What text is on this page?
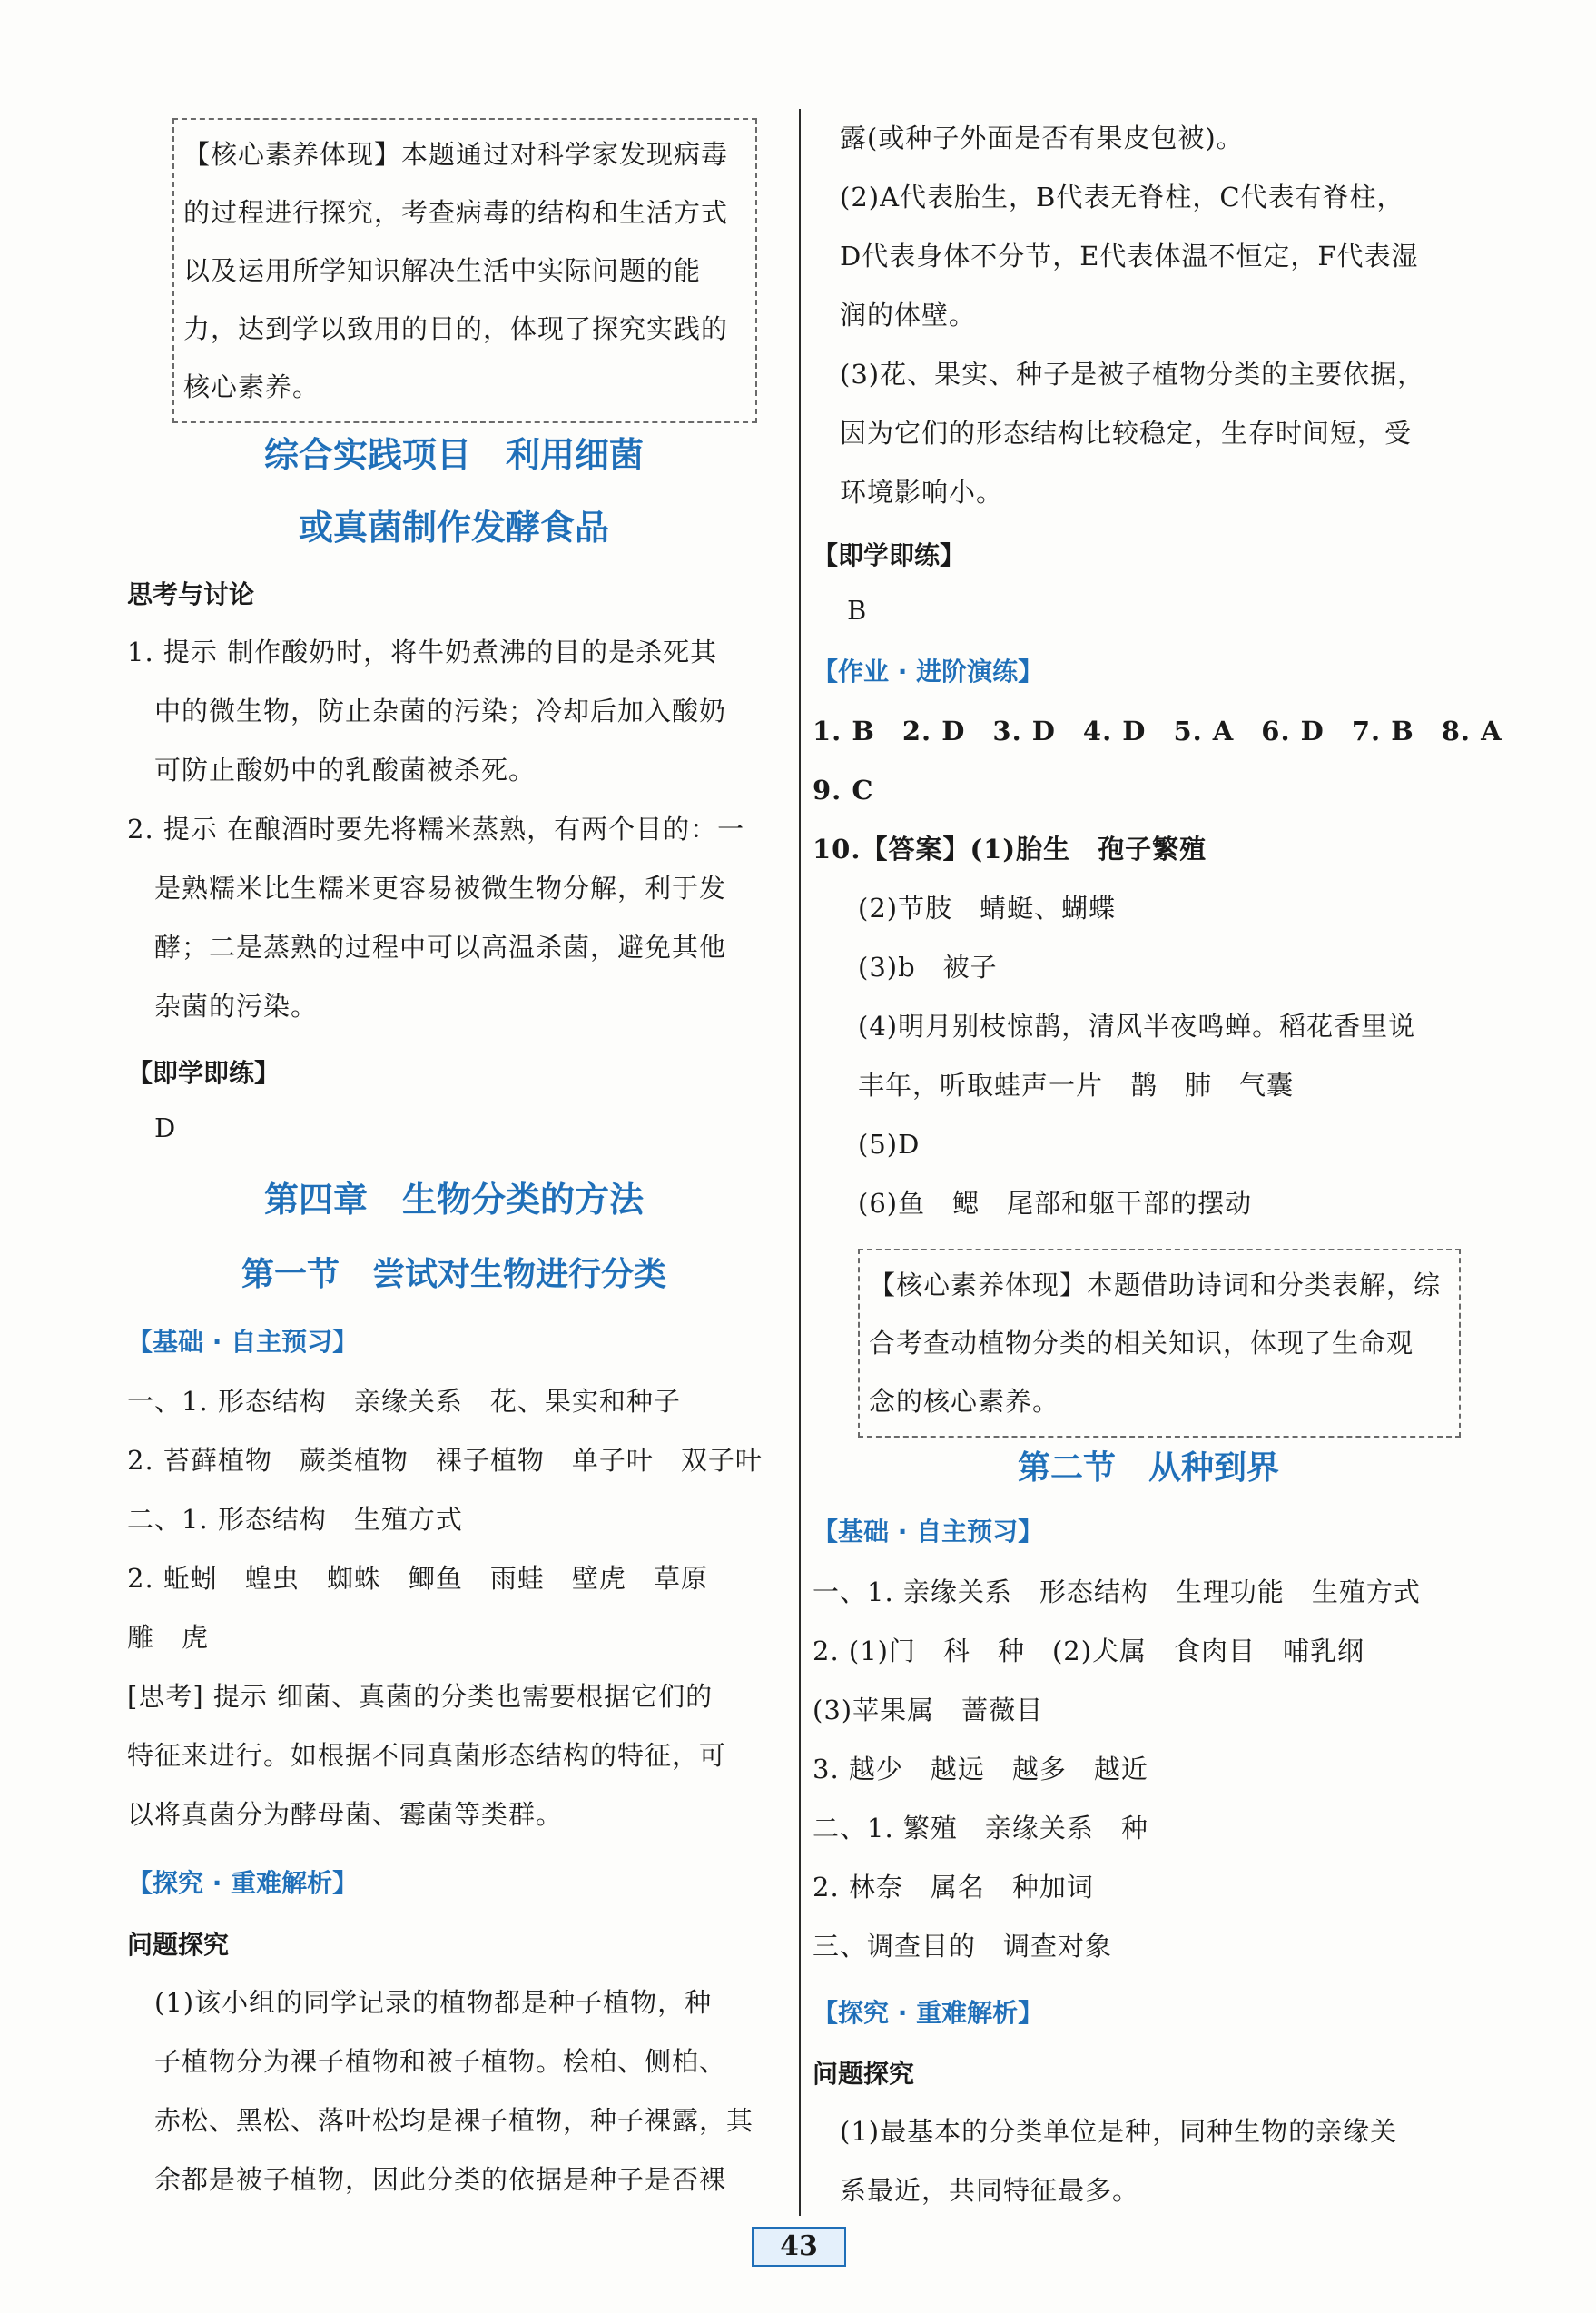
【核心素养体现】本题通过对科学家发现病毒
的过程进行探究，考查病毒的结构和生活方式
以及运用所学知识解决生活中实际问题的能
力，达到学以致用的目的，体现了探究实践的
核心素养。
综合实践项目　利用细菌
或真菌制作发酵食品
思考与讨论
1. 提示 制作酸奶时，将牛奶煮沸的目的是杀死其
中的微生物，防止杂菌的污染；冷却后加入酸奶
可防止酸奶中的乳酸菌被杀死。
2. 提示 在酿酒时要先将糯米蒸熟，有两个目的：一
是熟糯米比生糯米更容易被微生物分解，利于发
酵；二是蒸熟的过程中可以高温杀菌，避免其他
杂菌的污染。
【即学即练】
D
第四章　生物分类的方法
第一节　尝试对生物进行分类
【基础 · 自主预习】
一、1. 形态结构　亲缘关系　花、果实和种子
2. 苔藓植物　蕨类植物　裸子植物　单子叶　双子叶
二、1. 形态结构　生殖方式
2. 蚯蚓　蝗虫　蜘蛛　鲫鱼　雨蛙　壁虎　草原
雕　虎
[思考] 提示 细菌、真菌的分类也需要根据它们的
特征来进行。如根据不同真菌形态结构的特征，可
以将真菌分为酵母菌、霉菌等类群。
【探究 · 重难解析】
问题探究
(1)该小组的同学记录的植物都是种子植物，种
子植物分为裸子植物和被子植物。桧柏、侧柏、
赤松、黑松、落叶松均是裸子植物，种子裸露，其
余都是被子植物，因此分类的依据是种子是否裸
露(或种子外面是否有果皮包被)。
(2)A代表胎生，B代表无脊柱，C代表有脊柱，
D代表身体不分节，E代表体温不恒定，F代表湿
润的体壁。
(3)花、果实、种子是被子植物分类的主要依据，
因为它们的形态结构比较稳定，生存时间短，受
环境影响小。
【即学即练】
B
【作业 · 进阶演练】
1. B　2. D　3. D　4. D　5. A　6. D　7. B　8. A
9. C
10.【答案】(1)胎生　孢子繁殖
(2)节肢　蜻蜓、蝴蝶
(3)b　被子
(4)明月别枝惊鹊，清风半夜鸣蝉。稻花香里说
丰年，听取蛙声一片　鹊　肺　气囊
(5)D
(6)鱼　鳃　尾部和躯干部的摆动
【核心素养体现】本题借助诗词和分类表解，综
合考查动植物分类的相关知识，体现了生命观
念的核心素养。
第二节　从种到界
【基础 · 自主预习】
一、1. 亲缘关系　形态结构　生理功能　生殖方式
2. (1)门　科　种　(2)犬属　食肉目　哺乳纲
(3)苹果属　蔷薇目
3. 越少　越远　越多　越近
二、1. 繁殖　亲缘关系　种
2. 林奈　属名　种加词
三、调查目的　调查对象
【探究 · 重难解析】
问题探究
(1)最基本的分类单位是种，同种生物的亲缘关
系最近，共同特征最多。
43
